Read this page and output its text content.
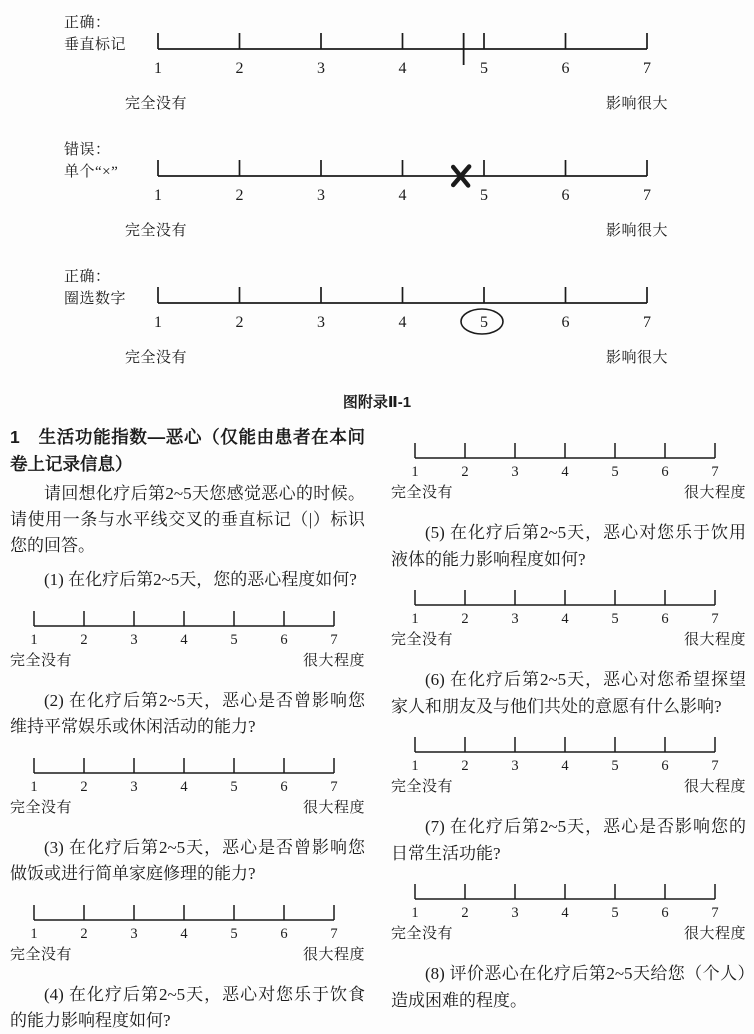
正确：
垂直标记
1	2	3	4	5	6	7
完全没有	影响很大
错误：
单个“×”
1	2	3	4	5	6	7
完全没有	影响很大
正确：
圈选数字
1	2	3	4	5	6	7
完全没有	影响很大
图附录Ⅱ-1
1　生活功能指数—恶心（仅能由患者在本问卷上记录信息）

请回想化疗后第2~5天您感觉恶心的时候。请使用一条与水平线交叉的垂直标记（|）标识您的回答。

(1) 在化疗后第2~5天，您的恶心程度如何?

1	2	3	4	5	6	7
完全没有	很大程度

(2) 在化疗后第2~5天，恶心是否曾影响您维持平常娱乐或休闲活动的能力?

1	2	3	4	5	6	7
完全没有	很大程度

(3) 在化疗后第2~5天，恶心是否曾影响您做饭或进行简单家庭修理的能力?

1	2	3	4	5	6	7
完全没有	很大程度

(4) 在化疗后第2~5天，恶心对您乐于饮食的能力影响程度如何?

1	2	3	4	5	6	7
完全没有	很大程度

(5) 在化疗后第2~5天，恶心对您乐于饮用液体的能力影响程度如何?

1	2	3	4	5	6	7
完全没有	很大程度

(6) 在化疗后第2~5天，恶心对您希望探望家人和朋友及与他们共处的意愿有什么影响?

1	2	3	4	5	6	7
完全没有	很大程度

(7) 在化疗后第2~5天，恶心是否影响您的日常生活功能?

1	2	3	4	5	6	7
完全没有	很大程度

(8) 评价恶心在化疗后第2~5天给您（个人）造成困难的程度。
